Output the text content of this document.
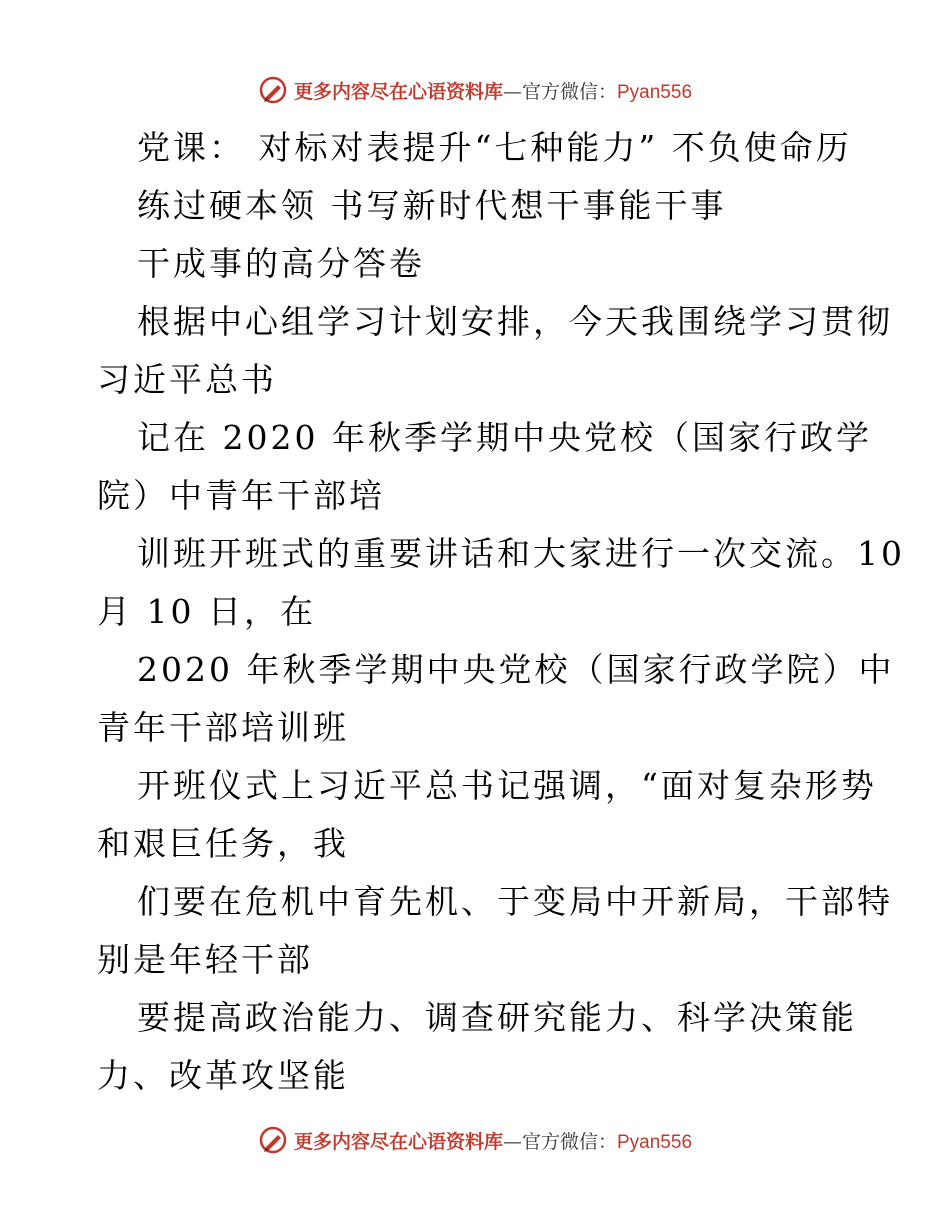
更多内容尽在心语资料库—官方微信：Pyan556
党课： 对标对表提升“七种能力” 不负使命历
练过硬本领 书写新时代想干事能干事
干成事的高分答卷
根据中心组学习计划安排，今天我围绕学习贯彻
习近平总书
记在 2020 年秋季学期中央党校（国家行政学
院）中青年干部培
训班开班式的重要讲话和大家进行一次交流。10
月 10 日，在
2020 年秋季学期中央党校（国家行政学院）中
青年干部培训班
开班仪式上习近平总书记强调，“面对复杂形势
和艰巨任务，我
们要在危机中育先机、于变局中开新局，干部特
别是年轻干部
要提高政治能力、调查研究能力、科学决策能
力、改革攻坚能
更多内容尽在心语资料库—官方微信：Pyan556
